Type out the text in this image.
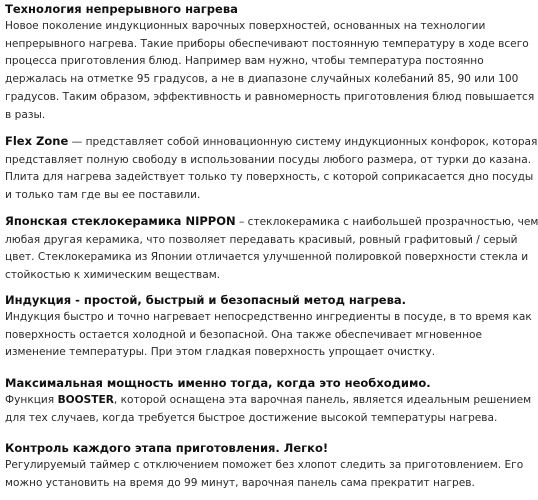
Технология непрерывного нагрева
Новое поколение индукционных варочных поверхностей, основанных на технологии
непрерывного нагрева. Такие приборы обеспечивают постоянную температуру в ходе всего
процесса приготовления блюд. Например вам нужно, чтобы температура постоянно
держалась на отметке 95 градусов, а не в диапазоне случайных колебаний 85, 90 или 100
градусов. Таким образом, эффективность и равномерность приготовления блюд повышается
в разы.
Flex Zone — представляет собой инновационную систему индукционных конфорок, которая
представляет полную свободу в использовании посуды любого размера, от турки до казана.
Плита для нагрева задействует только ту поверхность, с которой соприкасается дно посуды
и только там где вы ее поставили.
Японская стеклокерамика NIPPON – стеклокерамика с наибольшей прозрачностью, чем
любая другая керамика, что позволяет передавать красивый, ровный графитовый / серый
цвет. Стеклокерамика из Японии отличается улучшенной полировкой поверхности стекла и
стойкостью к химическим веществам.
Индукция - простой, быстрый и безопасный метод нагрева.
Индукция быстро и точно нагревает непосредственно ингредиенты в посуде, в то время как
поверхность остается холодной и безопасной. Она также обеспечивает мгновенное
изменение температуры. При этом гладкая поверхность упрощает очистку.
Максимальная мощность именно тогда, когда это необходимо.
Функция BOOSTER, которой оснащена эта варочная панель, является идеальным решением
для тех случаев, когда требуется быстрое достижение высокой температуры нагрева.
Контроль каждого этапа приготовления. Легко!
Регулируемый таймер с отключением поможет без хлопот следить за приготовлением. Его
можно установить на время до 99 минут, варочная панель сама прекратит нагрев.
